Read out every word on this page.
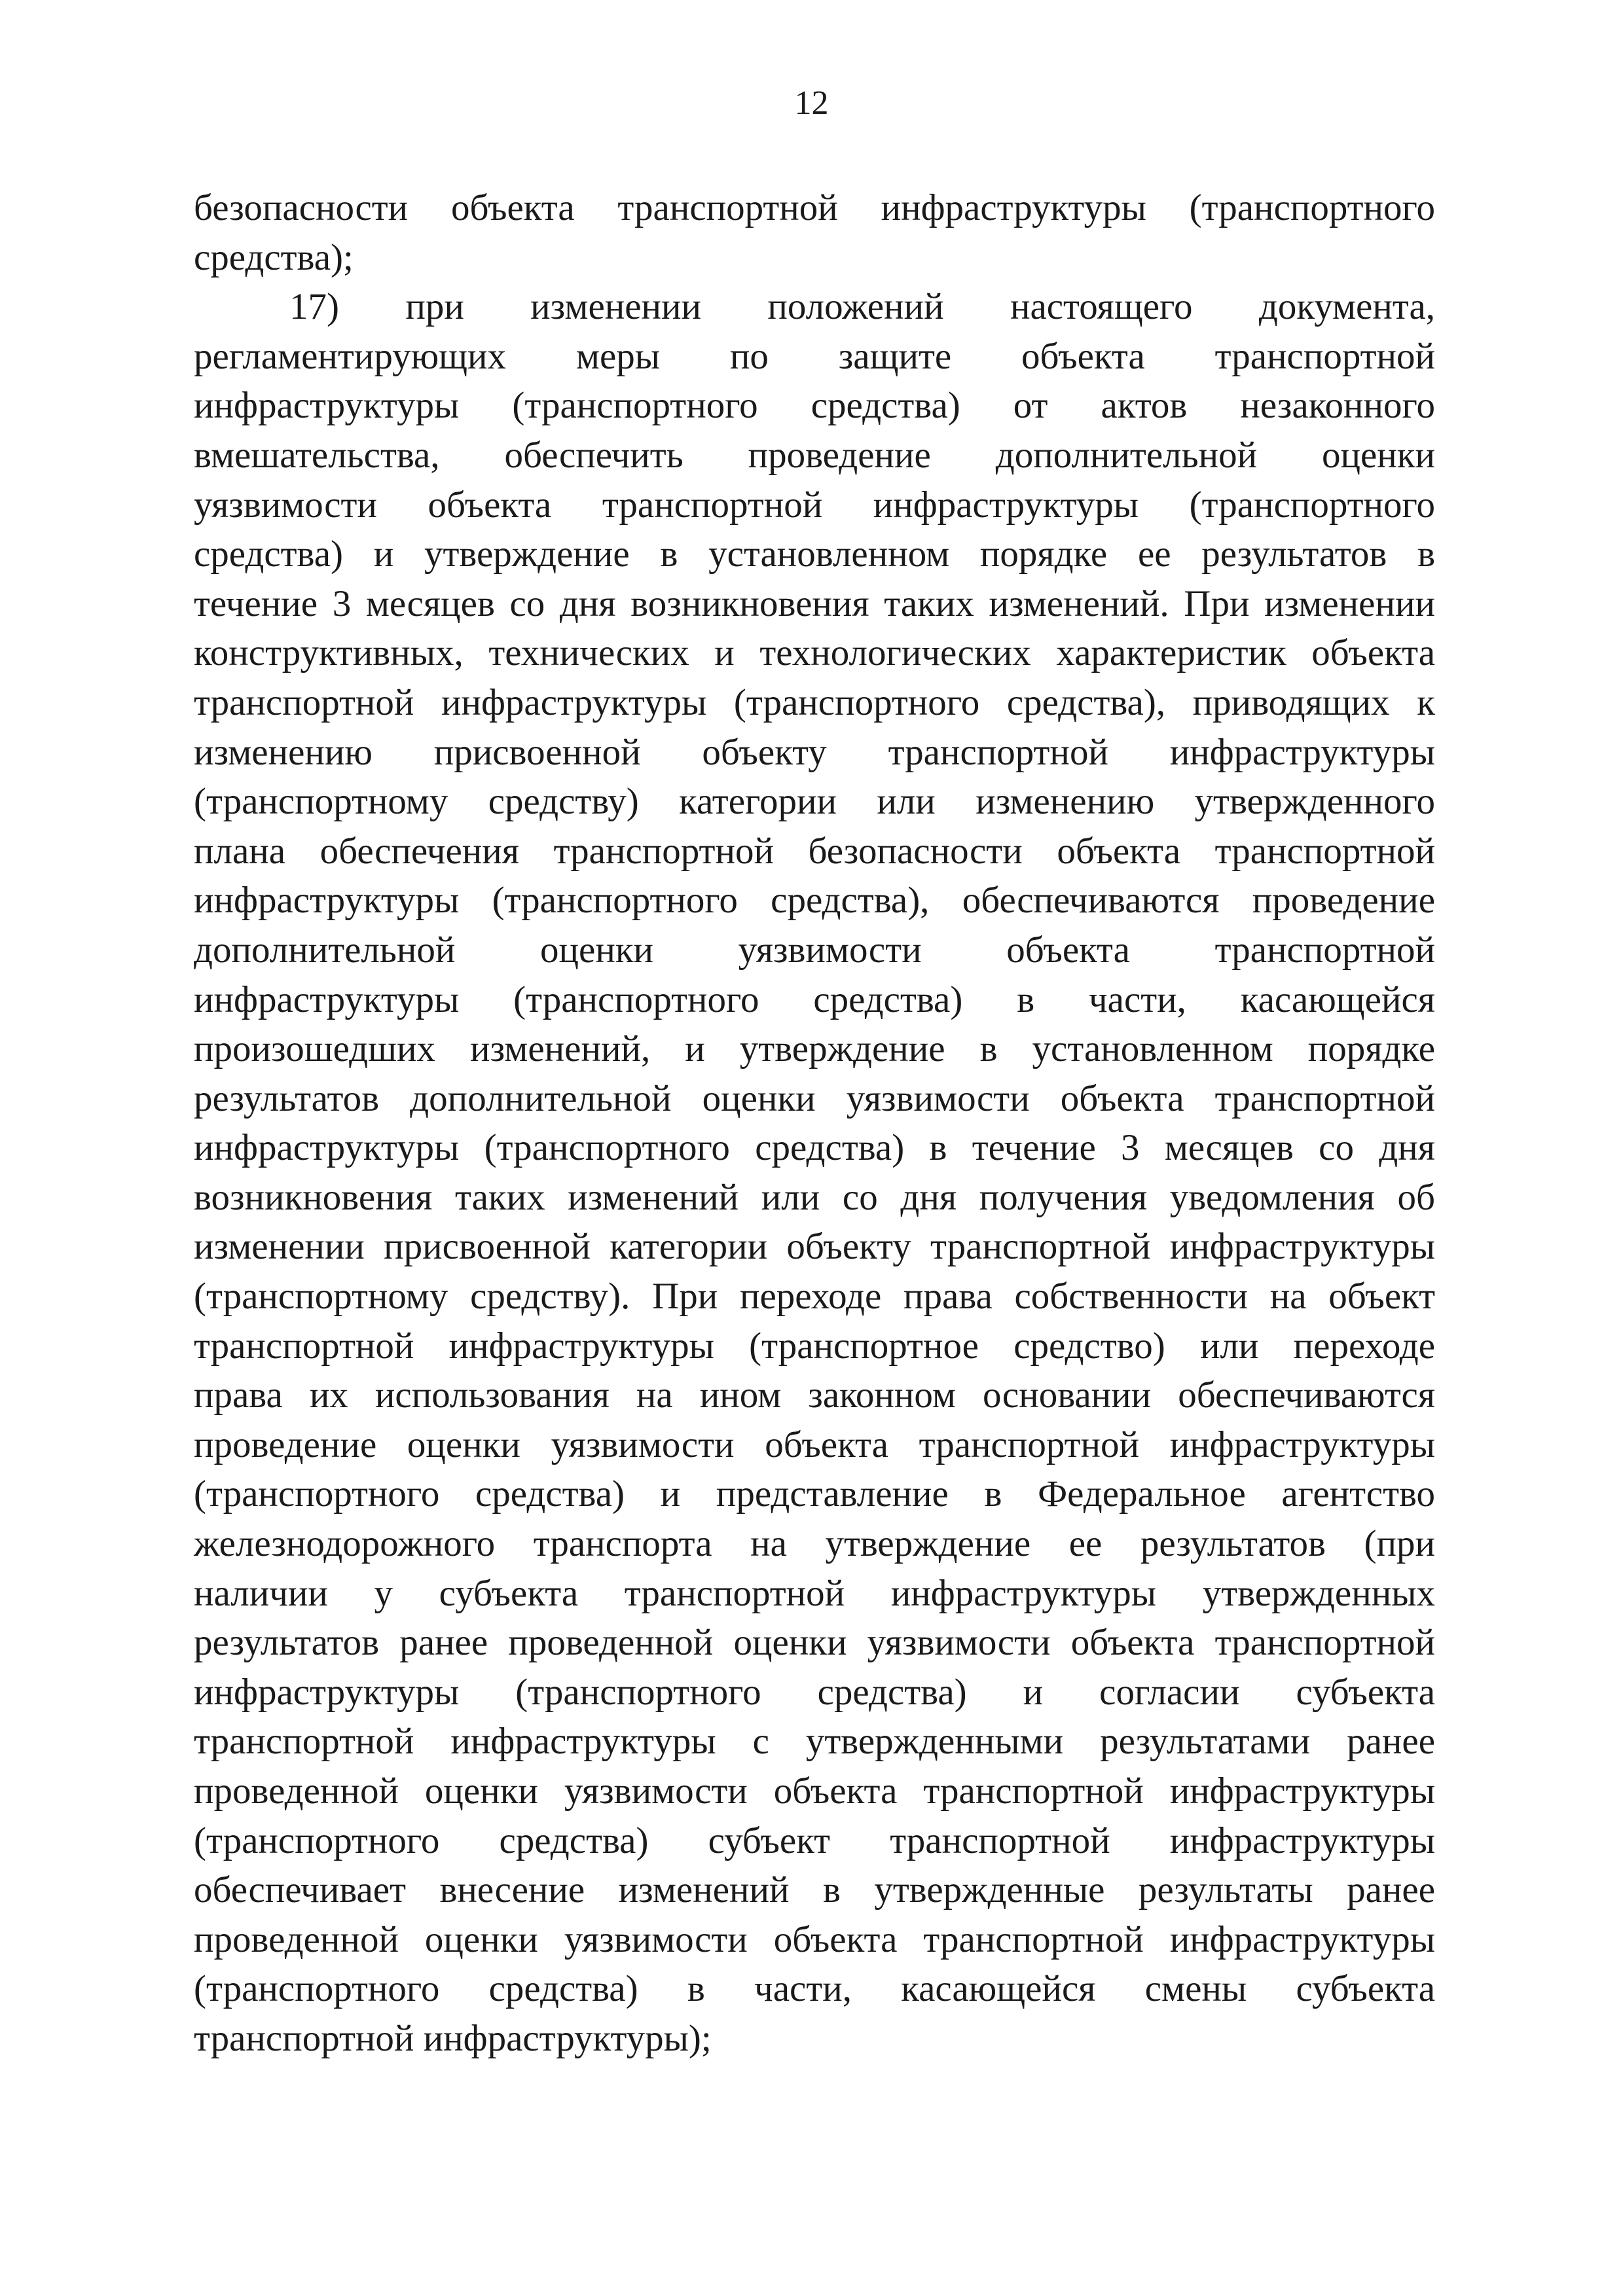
12
безопасности объекта транспортной инфраструктуры (транспортного
средства);
17) при изменении положений настоящего документа,
регламентирующих меры по защите объекта транспортной
инфраструктуры (транспортного средства) от актов незаконного
вмешательства, обеспечить проведение дополнительной оценки
уязвимости объекта транспортной инфраструктуры (транспортного
средства) и утверждение в установленном порядке ее результатов в
течение 3 месяцев со дня возникновения таких изменений. При изменении
конструктивных, технических и технологических характеристик объекта
транспортной инфраструктуры (транспортного средства), приводящих к
изменению присвоенной объекту транспортной инфраструктуры
(транспортному средству) категории или изменению утвержденного
плана обеспечения транспортной безопасности объекта транспортной
инфраструктуры (транспортного средства), обеспечиваются проведение
дополнительной оценки уязвимости объекта транспортной
инфраструктуры (транспортного средства) в части, касающейся
произошедших изменений, и утверждение в установленном порядке
результатов дополнительной оценки уязвимости объекта транспортной
инфраструктуры (транспортного средства) в течение 3 месяцев со дня
возникновения таких изменений или со дня получения уведомления об
изменении присвоенной категории объекту транспортной инфраструктуры
(транспортному средству). При переходе права собственности на объект
транспортной инфраструктуры (транспортное средство) или переходе
права их использования на ином законном основании обеспечиваются
проведение оценки уязвимости объекта транспортной инфраструктуры
(транспортного средства) и представление в Федеральное агентство
железнодорожного транспорта на утверждение ее результатов (при
наличии у субъекта транспортной инфраструктуры утвержденных
результатов ранее проведенной оценки уязвимости объекта транспортной
инфраструктуры (транспортного средства) и согласии субъекта
транспортной инфраструктуры с утвержденными результатами ранее
проведенной оценки уязвимости объекта транспортной инфраструктуры
(транспортного средства) субъект транспортной инфраструктуры
обеспечивает внесение изменений в утвержденные результаты ранее
проведенной оценки уязвимости объекта транспортной инфраструктуры
(транспортного средства) в части, касающейся смены субъекта
транспортной инфраструктуры);
